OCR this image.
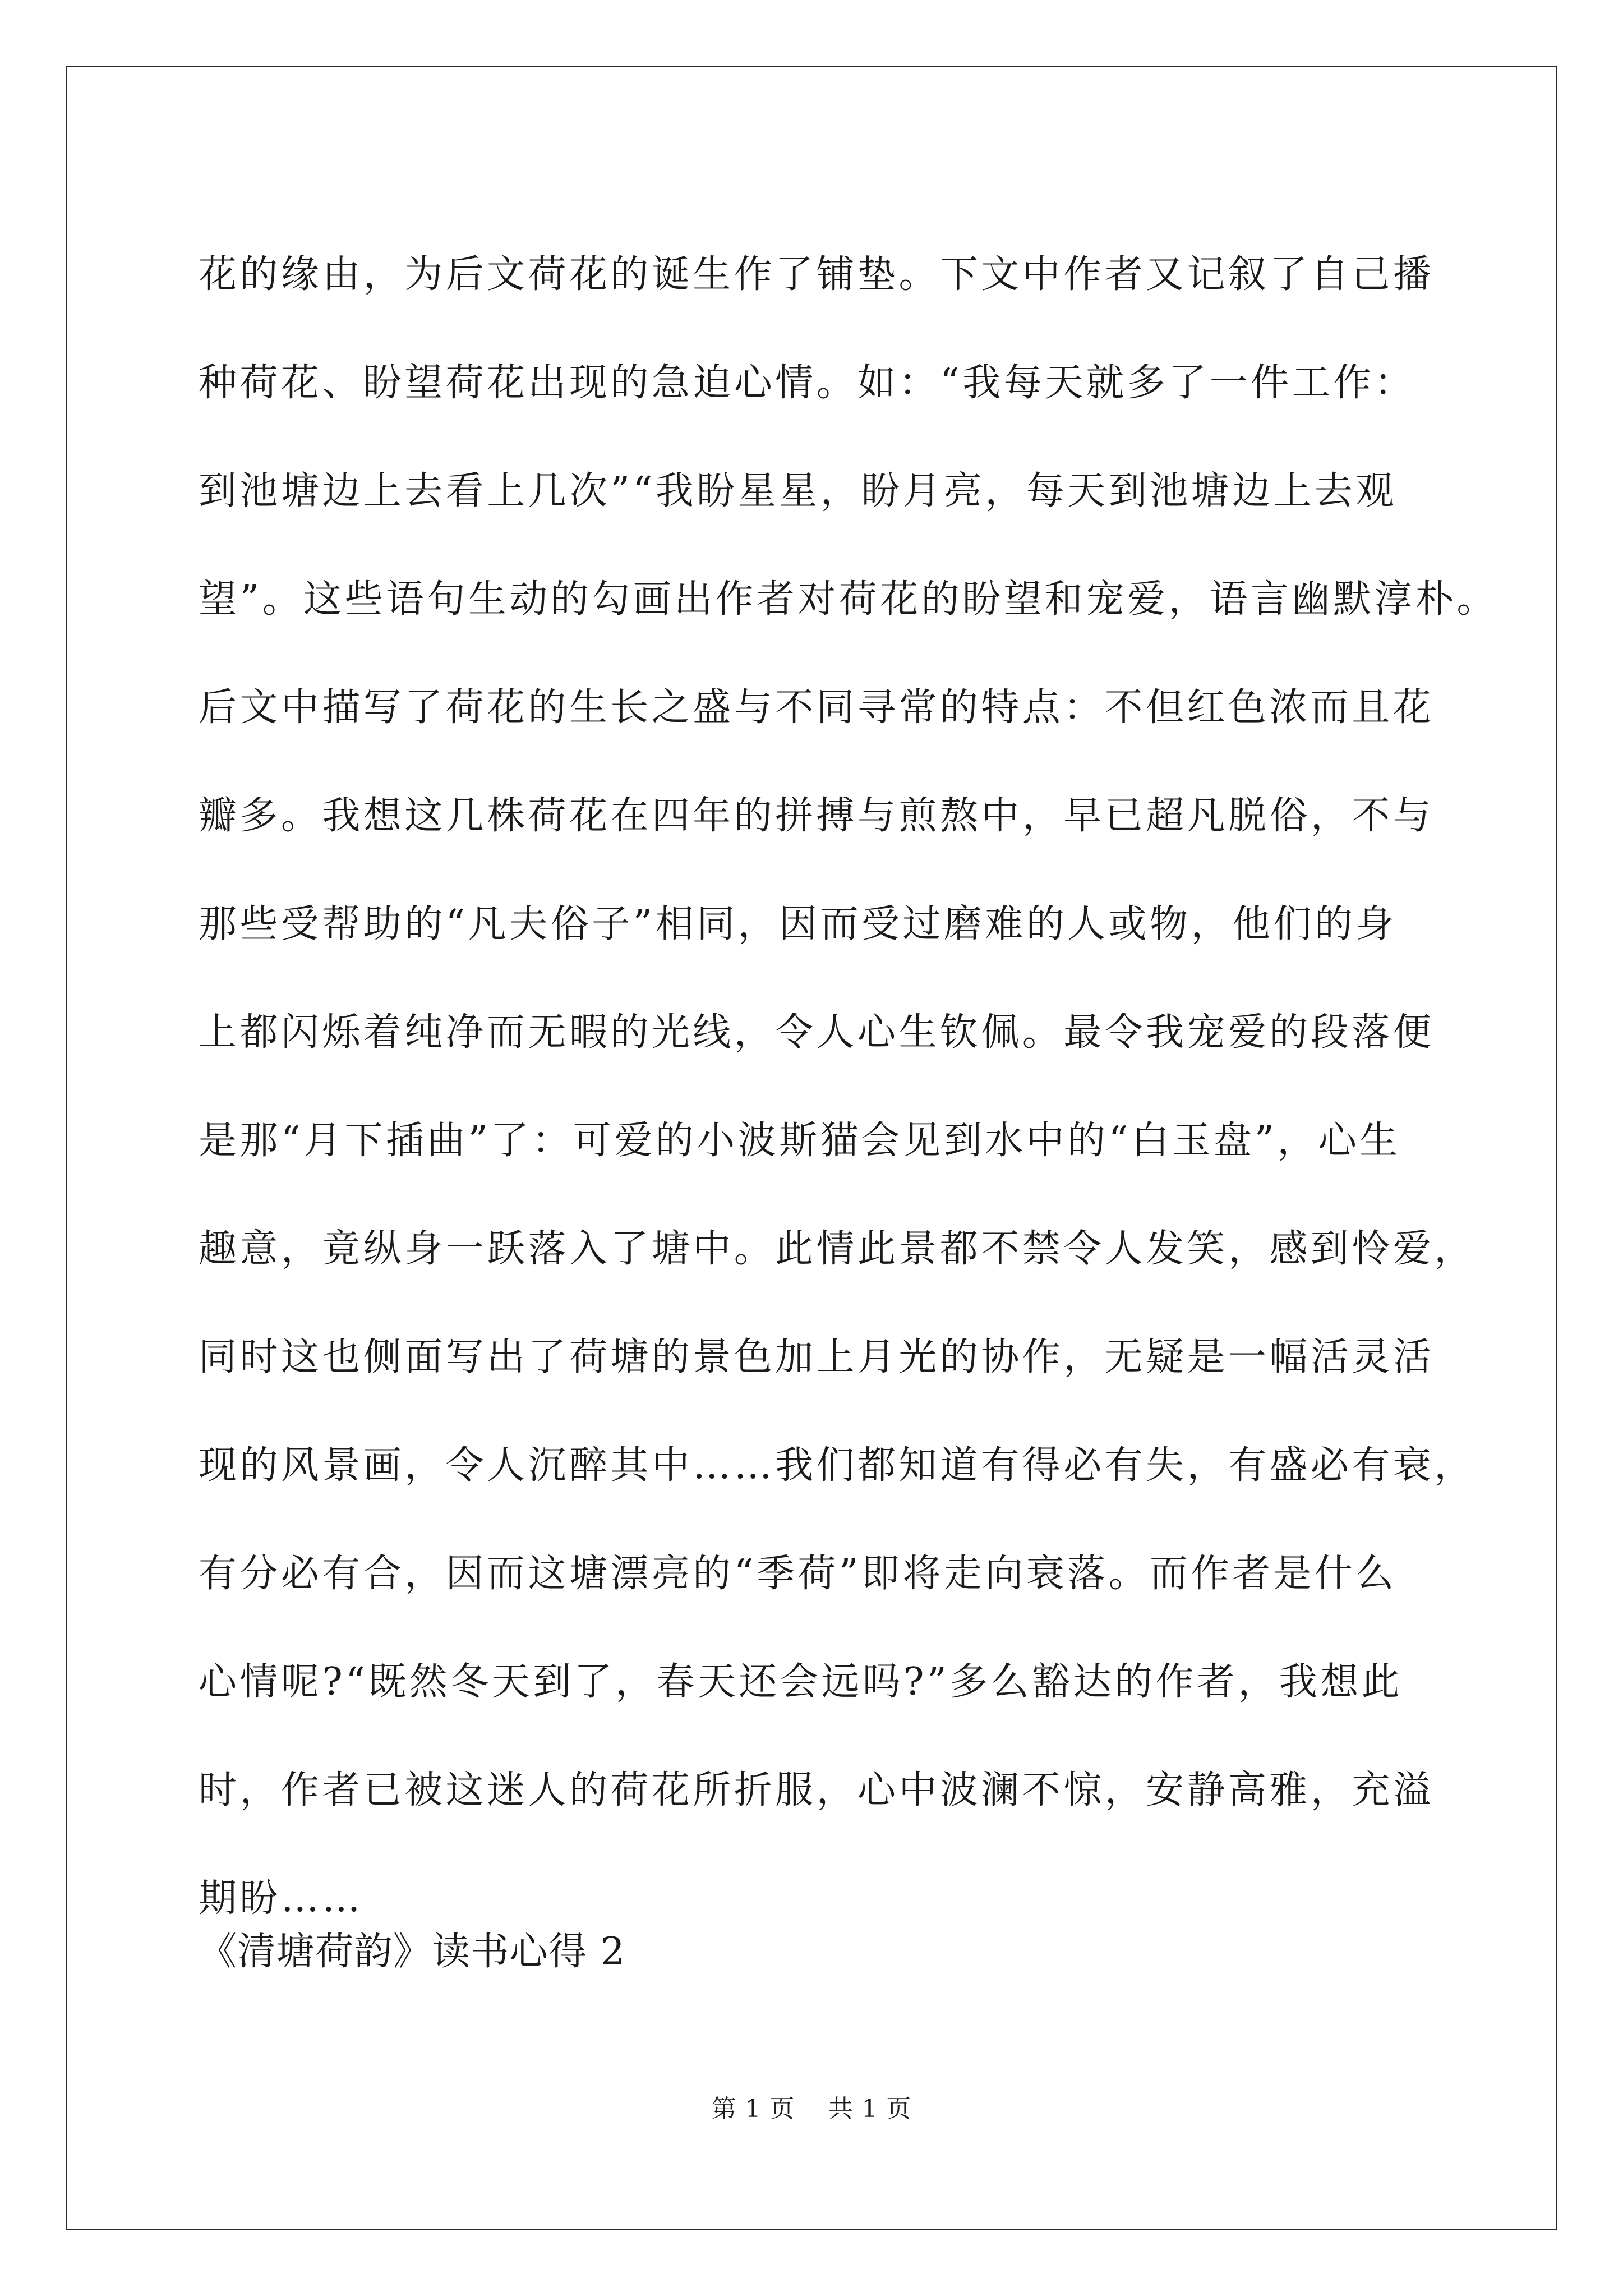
花的缘由，为后文荷花的诞生作了铺垫。下文中作者又记叙了自己播
种荷花、盼望荷花出现的急迫心情。如：“我每天就多了一件工作：
到池塘边上去看上几次”“我盼星星，盼月亮，每天到池塘边上去观
望”。这些语句生动的勾画出作者对荷花的盼望和宠爱，语言幽默淳朴。
后文中描写了荷花的生长之盛与不同寻常的特点：不但红色浓而且花
瓣多。我想这几株荷花在四年的拼搏与煎熬中，早已超凡脱俗，不与
那些受帮助的“凡夫俗子”相同，因而受过磨难的人或物，他们的身
上都闪烁着纯净而无暇的光线，令人心生钦佩。最令我宠爱的段落便
是那“月下插曲”了：可爱的小波斯猫会见到水中的“白玉盘”，心生
趣意，竟纵身一跃落入了塘中。此情此景都不禁令人发笑，感到怜爱，
同时这也侧面写出了荷塘的景色加上月光的协作，无疑是一幅活灵活
现的风景画，令人沉醉其中……我们都知道有得必有失，有盛必有衰，
有分必有合，因而这塘漂亮的“季荷”即将走向衰落。而作者是什么
心情呢?“既然冬天到了，春天还会远吗?”多么豁达的作者，我想此
时，作者已被这迷人的荷花所折服，心中波澜不惊，安静高雅，充溢
期盼……
《清塘荷韵》读书心得 2
第 1 页 共 1 页
